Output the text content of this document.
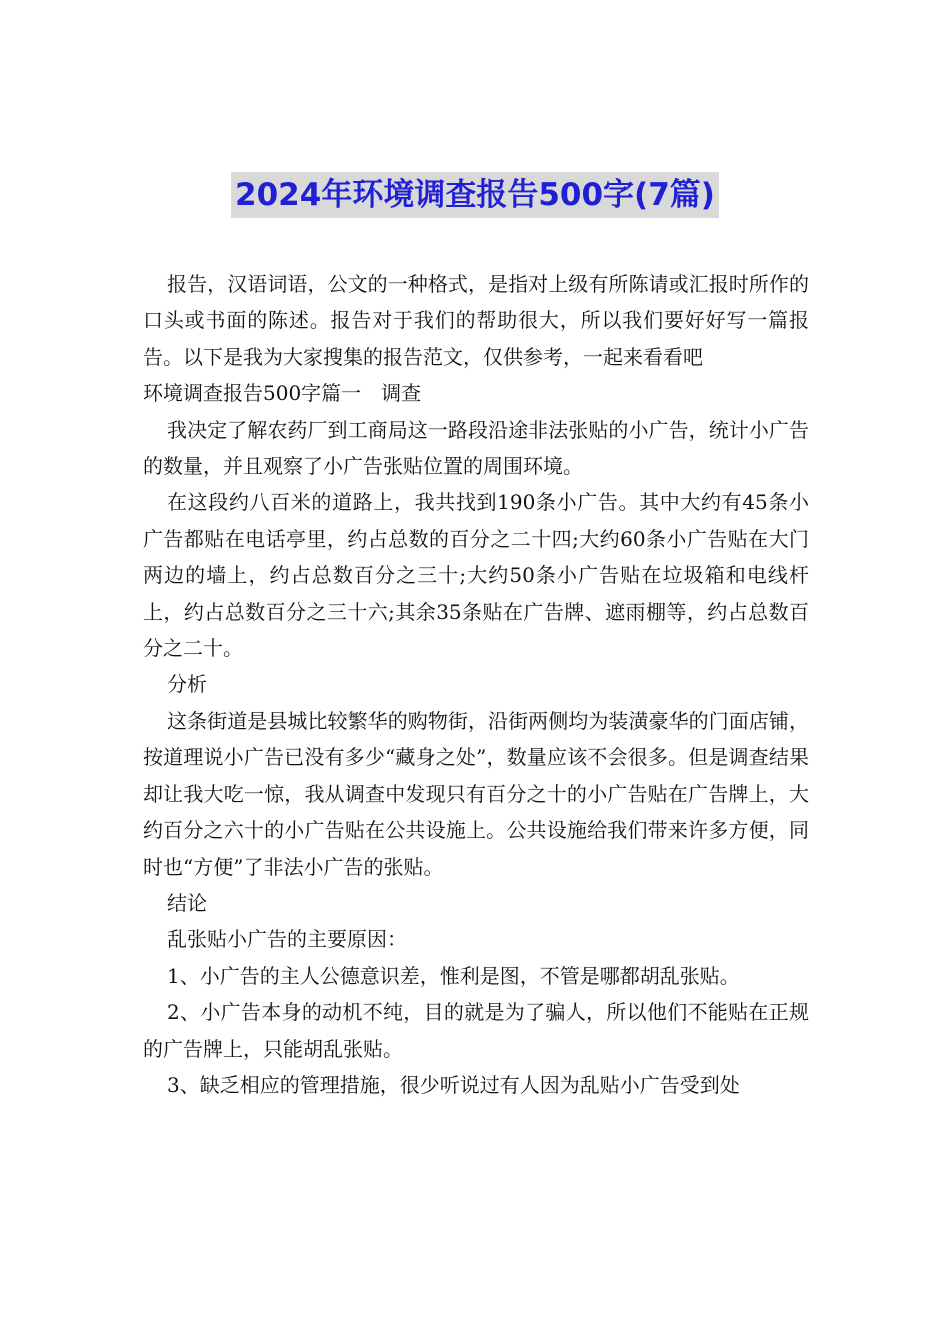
2024年环境调查报告500字(7篇)

报告，汉语词语，公文的一种格式，是指对上级有所陈请或汇报时所作的口头或书面的陈述。报告对于我们的帮助很大，所以我们要好好写一篇报告。以下是我为大家搜集的报告范文，仅供参考，一起来看看吧

环境调查报告500字篇一　调查

我决定了解农药厂到工商局这一路段沿途非法张贴的小广告，统计小广告的数量，并且观察了小广告张贴位置的周围环境。

在这段约八百米的道路上，我共找到190条小广告。其中大约有45条小广告都贴在电话亭里，约占总数的百分之二十四;大约60条小广告贴在大门两边的墙上，约占总数百分之三十;大约50条小广告贴在垃圾箱和电线杆上，约占总数百分之三十六;其余35条贴在广告牌、遮雨棚等，约占总数百分之二十。

分析

这条街道是县城比较繁华的购物街，沿街两侧均为装潢豪华的门面店铺，按道理说小广告已没有多少“藏身之处”，数量应该不会很多。但是调查结果却让我大吃一惊，我从调查中发现只有百分之十的小广告贴在广告牌上，大约百分之六十的小广告贴在公共设施上。公共设施给我们带来许多方便，同时也“方便”了非法小广告的张贴。

结论

乱张贴小广告的主要原因：

1、小广告的主人公德意识差，惟利是图，不管是哪都胡乱张贴。

2、小广告本身的动机不纯，目的就是为了骗人，所以他们不能贴在正规的广告牌上，只能胡乱张贴。

3、缺乏相应的管理措施，很少听说过有人因为乱贴小广告受到处
